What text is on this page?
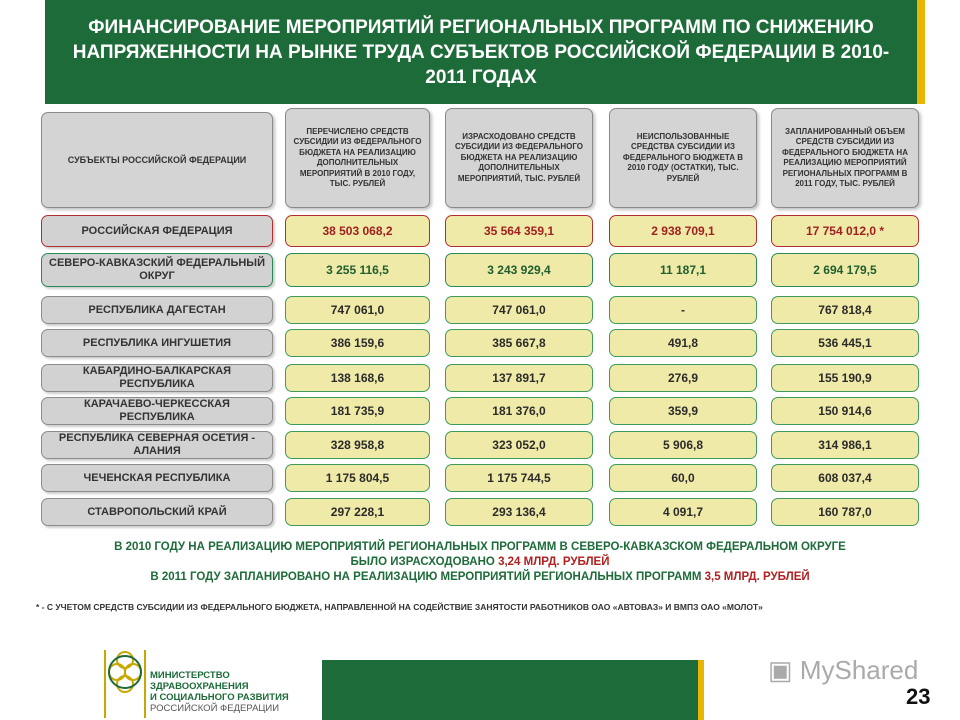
ФИНАНСИРОВАНИЕ МЕРОПРИЯТИЙ РЕГИОНАЛЬНЫХ ПРОГРАММ ПО СНИЖЕНИЮ НАПРЯЖЕННОСТИ НА РЫНКЕ ТРУДА СУБЪЕКТОВ РОССИЙСКОЙ ФЕДЕРАЦИИ В 2010-2011 ГОДАХ
СУБЪЕКТЫ РОССИЙСКОЙ ФЕДЕРАЦИИ
ПЕРЕЧИСЛЕНО СРЕДСТВ СУБСИДИИ ИЗ ФЕДЕРАЛЬНОГО БЮДЖЕТА НА РЕАЛИЗАЦИЮ ДОПОЛНИТЕЛЬНЫХ МЕРОПРИЯТИЙ В 2010 ГОДУ, ТЫС. РУБЛЕЙ
ИЗРАСХОДОВАНО СРЕДСТВ СУБСИДИИ ИЗ ФЕДЕРАЛЬНОГО БЮДЖЕТА НА РЕАЛИЗАЦИЮ ДОПОЛНИТЕЛЬНЫХ МЕРОПРИЯТИЙ, ТЫС. РУБЛЕЙ
НЕИСПОЛЬЗОВАННЫЕ СРЕДСТВА СУБСИДИИ ИЗ ФЕДЕРАЛЬНОГО БЮДЖЕТА В 2010 ГОДУ (ОСТАТКИ), ТЫС. РУБЛЕЙ
ЗАПЛАНИРОВАННЫЙ ОБЪЕМ СРЕДСТВ СУБСИДИИ ИЗ ФЕДЕРАЛЬНОГО БЮДЖЕТА НА РЕАЛИЗАЦИЮ МЕРОПРИЯТИЙ РЕГИОНАЛЬНЫХ ПРОГРАММ В 2011 ГОДУ, ТЫС. РУБЛЕЙ
РОССИЙСКАЯ ФЕДЕРАЦИЯ	38 503 068,2	35 564 359,1	2 938 709,1	17 754 012,0 *
СЕВЕРО-КАВКАЗСКИЙ ФЕДЕРАЛЬНЫЙ ОКРУГ	3 255 116,5	3 243 929,4	11 187,1	2 694 179,5
РЕСПУБЛИКА ДАГЕСТАН	747 061,0	747 061,0	-	767 818,4
РЕСПУБЛИКА ИНГУШЕТИЯ	386 159,6	385 667,8	491,8	536 445,1
КАБАРДИНО-БАЛКАРСКАЯ РЕСПУБЛИКА	138 168,6	137 891,7	276,9	155 190,9
КАРАЧАЕВО-ЧЕРКЕССКАЯ РЕСПУБЛИКА	181 735,9	181 376,0	359,9	150 914,6
РЕСПУБЛИКА СЕВЕРНАЯ ОСЕТИЯ - АЛАНИЯ	328 958,8	323 052,0	5 906,8	314 986,1
ЧЕЧЕНСКАЯ РЕСПУБЛИКА	1 175 804,5	1 175 744,5	60,0	608 037,4
СТАВРОПОЛЬСКИЙ КРАЙ	297 228,1	293 136,4	4 091,7	160 787,0
В 2010 ГОДУ НА РЕАЛИЗАЦИЮ МЕРОПРИЯТИЙ РЕГИОНАЛЬНЫХ ПРОГРАММ В СЕВЕРО-КАВКАЗСКОМ ФЕДЕРАЛЬНОМ ОКРУГЕ
БЫЛО ИЗРАСХОДОВАНО 3,24 МЛРД. РУБЛЕЙ
В 2011 ГОДУ ЗАПЛАНИРОВАНО НА РЕАЛИЗАЦИЮ МЕРОПРИЯТИЙ РЕГИОНАЛЬНЫХ ПРОГРАММ 3,5 МЛРД. РУБЛЕЙ
* - С УЧЕТОМ СРЕДСТВ СУБСИДИИ ИЗ ФЕДЕРАЛЬНОГО БЮДЖЕТА, НАПРАВЛЕННОЙ НА СОДЕЙСТВИЕ ЗАНЯТОСТИ РАБОТНИКОВ ОАО «АВТОВАЗ» И ВМПЗ ОАО «МОЛОТ»
МИНИСТЕРСТВО
ЗДРАВООХРАНЕНИЯ
И СОЦИАЛЬНОГО РАЗВИТИЯ
РОССИЙСКОЙ ФЕДЕРАЦИИ
▣ MyShared
23
